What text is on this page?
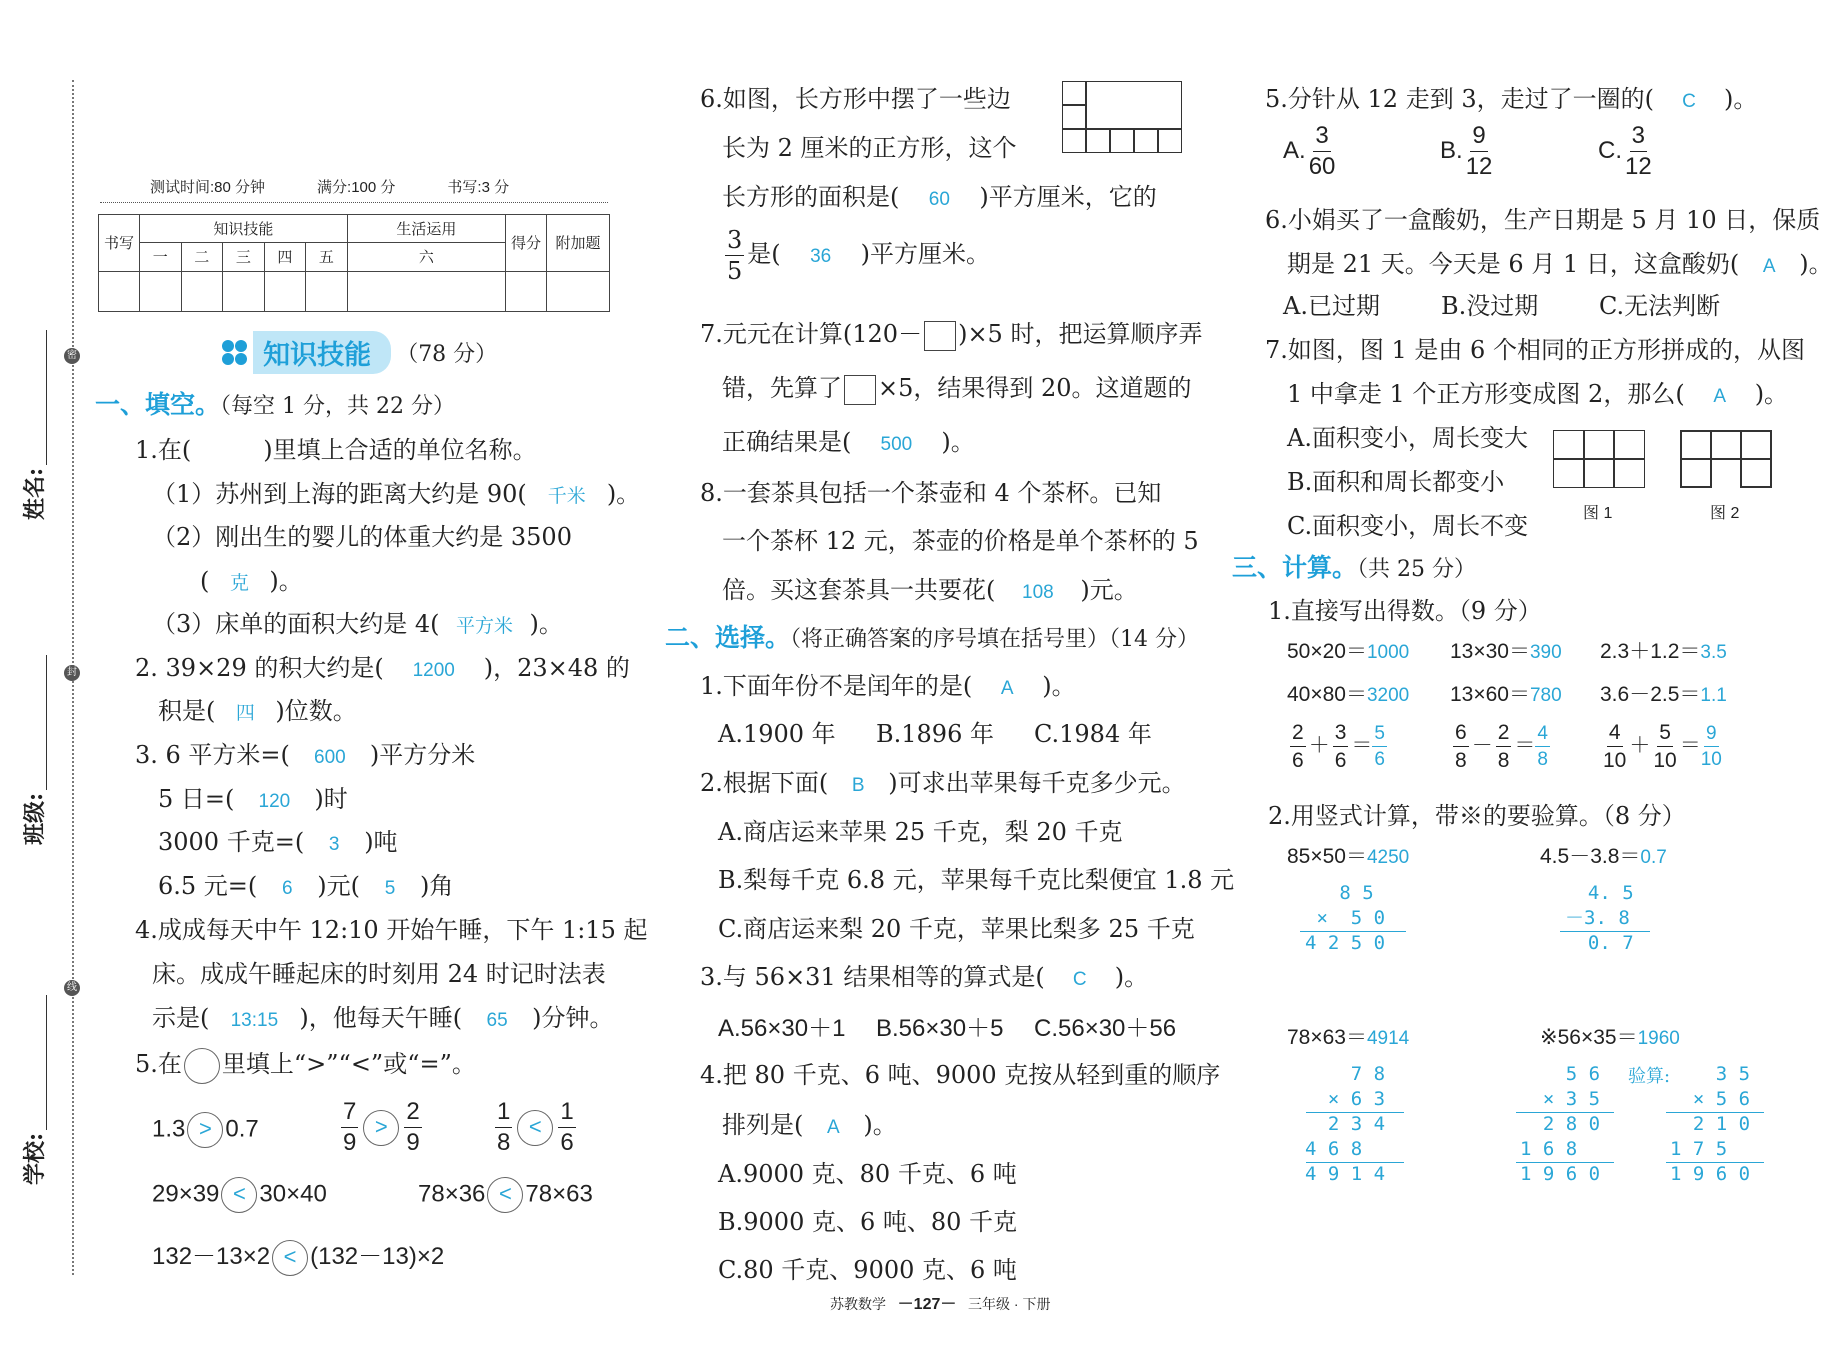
密
封
线
姓名:
班级:
学校:
测试时间:80 分钟	满分:100 分	书写:3 分
书写	知识技能					生活运用	得分	附加题
	一	二	三	四	五	六		

知识技能 （78 分）
一、填空。（每空 1 分，共 22 分）
1.在(　　　)里填上合适的单位名称。
（1）苏州到上海的距离大约是 90( 千米 )。
（2）刚出生的婴儿的体重大约是 3500
( 克 )。
（3）床单的面积大约是 4( 平方米 )。
2. 39×29 的积大约是( 1200 )，23×48 的
积是( 四 )位数。
3. 6 平方米=( 600 )平方分米
5 日=( 120 )时
3000 千克=( 3 )吨
6.5 元=( 6 )元( 5 )角
4.成成每天中午 12:10 开始午睡，下午 1:15 起
床。成成午睡起床的时刻用 24 时记时法表
示是( 13:15 )，他每天午睡( 65 )分钟。
5.在 里填上“>”“<”或“=”。
1.3 > 0.7	$\frac{7}{9} > \frac{2}{9}$	$\frac{1}{8} < \frac{1}{6}$
29×39 < 30×40	78×36 < 78×63
132－13×2 < (132－13)×2
6.如图，长方形中摆了一些边
长为 2 厘米的正方形，这个
长方形的面积是( 60 )平方厘米，它的
$\frac{3}{5}$ 是( 36 )平方厘米。
7.元元在计算(120－ )×5 时，把运算顺序弄
错，先算了 ×5，结果得到 20。这道题的
正确结果是( 500 )。
8.一套茶具包括一个茶壶和 4 个茶杯。已知
一个茶杯 12 元，茶壶的价格是单个茶杯的 5
倍。买这套茶具一共要花( 108 )元。
二、选择。（将正确答案的序号填在括号里）（14 分）
1.下面年份不是闰年的是( A )。
A.1900 年 B.1896 年 C.1984 年
2.根据下面( B )可求出苹果每千克多少元。
A.商店运来苹果 25 千克，梨 20 千克
B.梨每千克 6.8 元，苹果每千克比梨便宜 1.8 元
C.商店运来梨 20 千克，苹果比梨多 25 千克
3.与 56×31 结果相等的算式是( C )。
A.56×30＋1 B.56×30＋5 C.56×30＋56
4.把 80 千克、6 吨、9000 克按从轻到重的顺序
排列是( A )。
A.9000 克、80 千克、6 吨
B.9000 克、6 吨、80 千克
C.80 千克、9000 克、6 吨
5.分针从 12 走到 3，走过了一圈的( C )。
A. $\frac{3}{60}$	B. $\frac{9}{12}$	C. $\frac{3}{12}$
6.小娟买了一盒酸奶，生产日期是 5 月 10 日，保质
期是 21 天。今天是 6 月 1 日，这盒酸奶( A )。
A.已过期	B.没过期	C.无法判断
7.如图，图 1 是由 6 个相同的正方形拼成的，从图
1 中拿走 1 个正方形变成图 2，那么( A )。
A.面积变小，周长变大
B.面积和周长都变小
C.面积变小，周长不变	图 1	图 2
三、计算。（共 25 分）
1.直接写出得数。（9 分）
50×20＝1000 13×30＝390 2.3＋1.2＝3.5
40×80＝3200 13×60＝780 3.6－2.5＝1.1
$\frac{2}{6} + \frac{3}{6} = \frac{5}{6}$	$\frac{6}{8} - \frac{2}{8} = \frac{4}{8}$	$\frac{4}{10} + \frac{5}{10} = \frac{9}{10}$
2.用竖式计算，带※的要验算。（8 分）
85×50＝4250	4.5－3.8＝0.7
8 5
×  5 0
4 2 5 0
4. 5
－3. 8
0. 7
78×63＝4914	※56×35＝1960
7 8
× 6 3
2 3 4
4 6 8
4 9 1 4
5 6
× 3 5
2 8 0
1 6 8
1 9 6 0
验算:	3 5
× 5 6
2 1 0
1 7 5
1 9 6 0
苏教数学 －127－ 三年级 · 下册
